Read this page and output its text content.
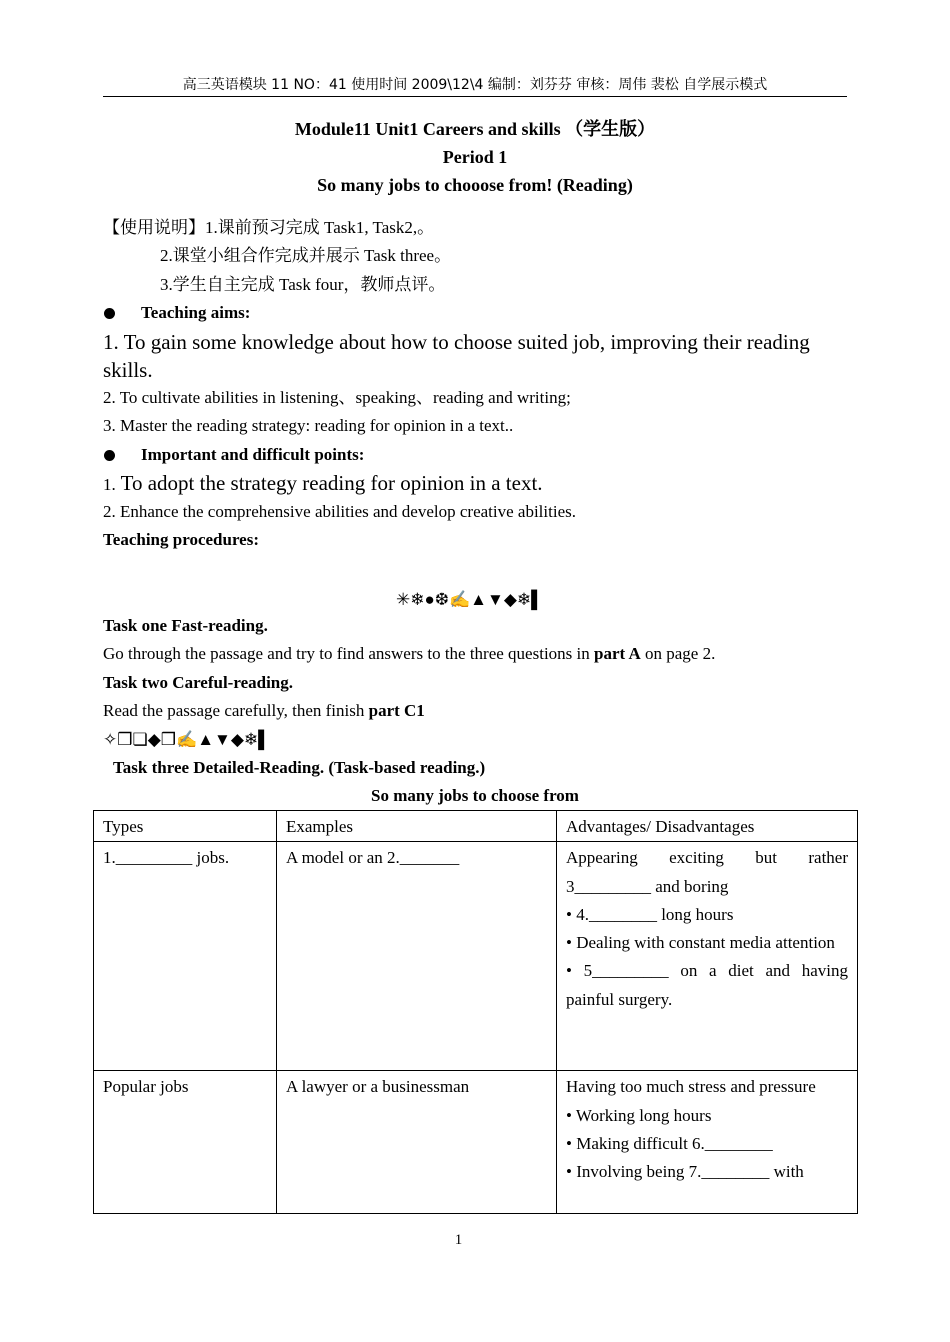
高三英语模块 11 NO：41 使用时间 2009\12\4 编制：刘芬芬 审核：周伟 裴松 自学展示模式
Module11 Unit1 Careers and skills （学生版）
Period 1
So many jobs to chooose from! (Reading)
【使用说明】1.课前预习完成 Task1, Task2,。
2.课堂小组合作完成并展示 Task three。
3.学生自主完成 Task four，教师点评。
Teaching aims:
1. To gain some knowledge about how to choose suited job, improving their reading
skills.
2. To cultivate abilities in listening、speaking、reading and writing;
3. Master the reading strategy: reading for opinion in a text..
Important and difficult points:
1. To adopt the strategy reading for opinion in a text.
2. Enhance the comprehensive abilities and develop creative abilities.
Teaching procedures:
✳❄●❆✍▲▼◆❄▌
Task one Fast-reading.
Go through the passage and try to find answers to the three questions in part A on page 2.
Task two Careful-reading.
Read the passage carefully, then finish part C1
✧❒❏◆❒✍▲▼◆❄▌
Task three Detailed-Reading. (Task-based reading.)
So many jobs to choose from
Types	Examples	Advantages/ Disadvantages
1._________ jobs.	A model or an 2._______	Appearing exciting but rather 3_________ and boring
• 4.________ long hours
• Dealing with constant media attention
• 5_________ on a diet and having painful surgery.

Popular jobs	A lawyer or a businessman	Having too much stress and pressure
• Working long hours
• Making difficult 6.________
• Involving being 7.________ with
1
